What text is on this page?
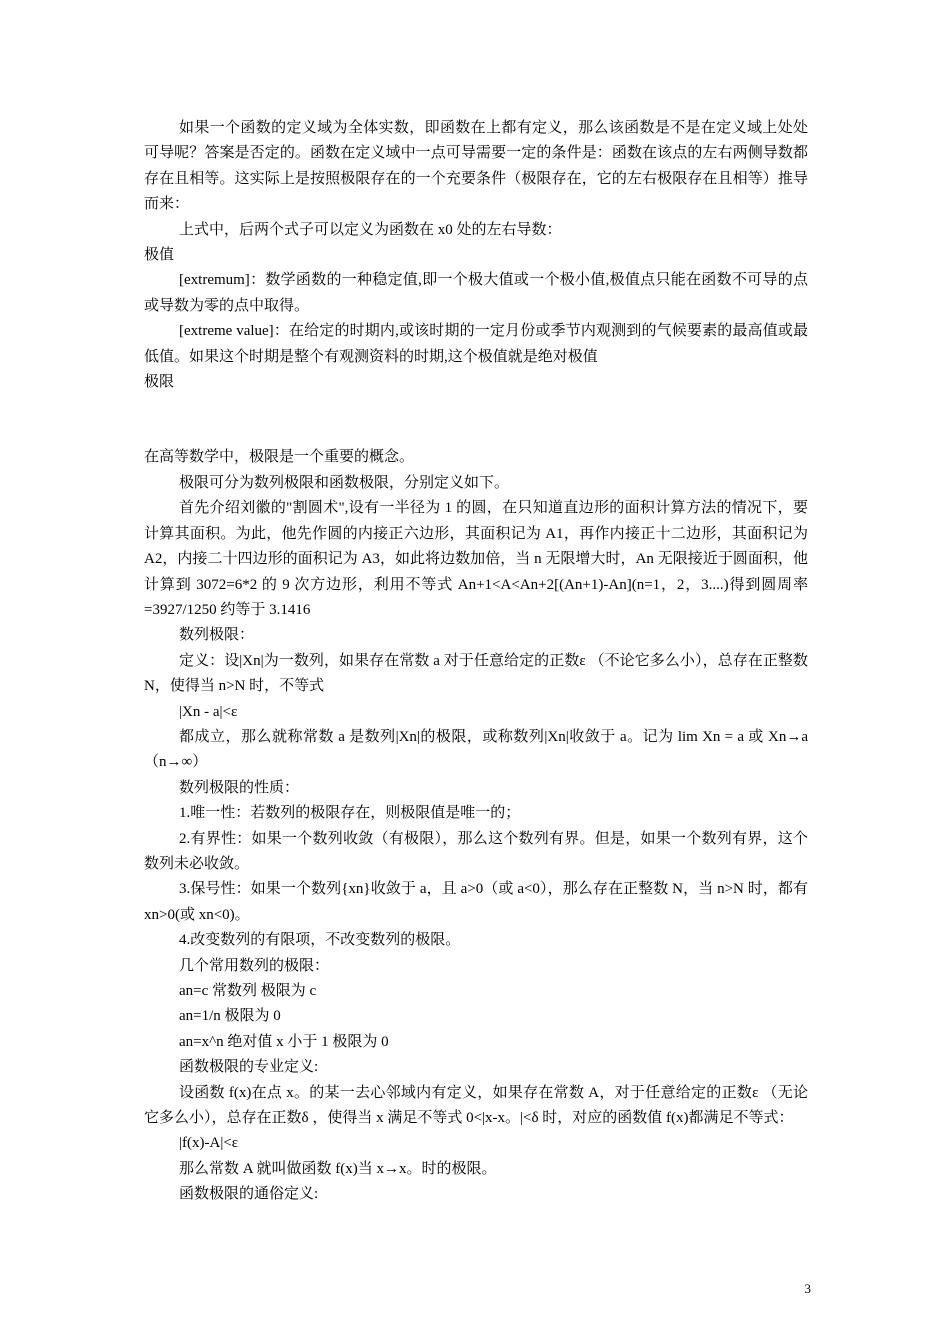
如果一个函数的定义域为全体实数，即函数在上都有定义，那么该函数是不是在定义域上处处可导呢？答案是否定的。函数在定义域中一点可导需要一定的条件是：函数在该点的左右两侧导数都存在且相等。这实际上是按照极限存在的一个充要条件（极限存在，它的左右极限存在且相等）推导而来：

上式中，后两个式子可以定义为函数在 x0 处的左右导数：

极值

[extremum]：数学函数的一种稳定值,即一个极大值或一个极小值,极值点只能在函数不可导的点或导数为零的点中取得。

[extreme value]：在给定的时期内,或该时期的一定月份或季节内观测到的气候要素的最高值或最低值。如果这个时期是整个有观测资料的时期,这个极值就是绝对极值

极限

在高等数学中，极限是一个重要的概念。

极限可分为数列极限和函数极限，分别定义如下。

首先介绍刘徽的"割圆术",设有一半径为 1 的圆，在只知道直边形的面积计算方法的情况下，要计算其面积。为此，他先作圆的内接正六边形，其面积记为 A1，再作内接正十二边形，其面积记为 A2，内接二十四边形的面积记为 A3，如此将边数加倍，当 n 无限增大时，An 无限接近于圆面积，他计算到 3072=6*2 的 9 次方边形，利用不等式 An+1<A<An+2[(An+1)-An](n=1，2，3....)得到圆周率=3927/1250 约等于 3.1416

数列极限：

定义：设|Xn|为一数列，如果存在常数 a 对于任意给定的正数ε （不论它多么小），总存在正整数 N，使得当 n>N 时，不等式

|Xn - a|<ε

都成立，那么就称常数 a 是数列|Xn|的极限，或称数列|Xn|收敛于 a。记为 lim Xn = a 或 Xn→a（n→∞）

数列极限的性质：

1.唯一性：若数列的极限存在，则极限值是唯一的；

2.有界性：如果一个数列收敛（有极限），那么这个数列有界。但是，如果一个数列有界，这个数列未必收敛。

3.保号性：如果一个数列{xn}收敛于 a，且 a>0（或 a<0），那么存在正整数 N，当 n>N 时，都有 xn>0(或 xn<0)。

4.改变数列的有限项，不改变数列的极限。

几个常用数列的极限：

an=c 常数列 极限为 c

an=1/n 极限为 0

an=x^n 绝对值 x 小于 1 极限为 0

函数极限的专业定义:

设函数 f(x)在点 x。的某一去心邻域内有定义，如果存在常数 A，对于任意给定的正数ε （无论它多么小），总存在正数δ ，使得当 x 满足不等式 0<|x-x。|<δ 时，对应的函数值 f(x)都满足不等式：

|f(x)-A|<ε

那么常数 A 就叫做函数 f(x)当 x→x。时的极限。

函数极限的通俗定义:

3
